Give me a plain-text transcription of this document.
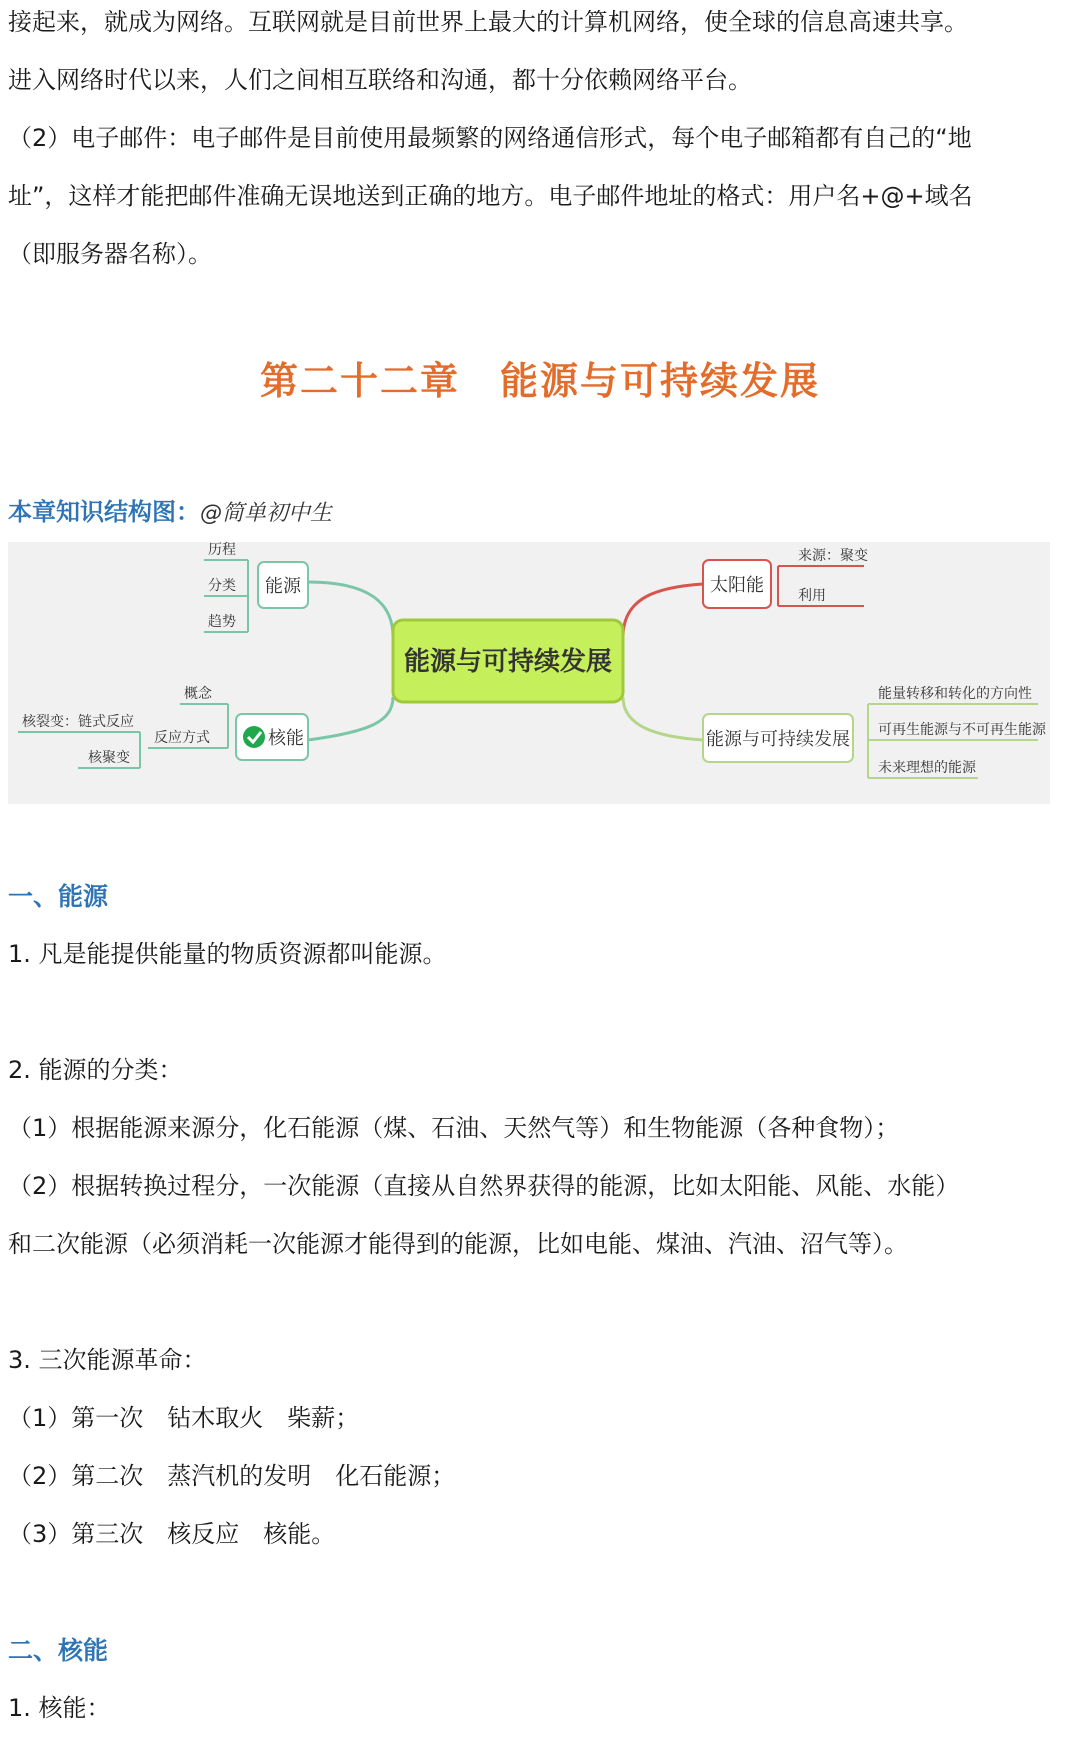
接起来，就成为网络。互联网就是目前世界上最大的计算机网络，使全球的信息高速共享。

进入网络时代以来，人们之间相互联络和沟通，都十分依赖网络平台。

（2）电子邮件：电子邮件是目前使用最频繁的网络通信形式，每个电子邮箱都有自己的“地

址”，这样才能把邮件准确无误地送到正确的地方。电子邮件地址的格式：用户名+@+域名

（即服务器名称）。

第二十二章　能源与可持续发展
本章知识结构图：@简单初中生
能源与可持续发展
能源
历程
分类
趋势
核能
概念
反应方式
核裂变：链式反应
核聚变
太阳能
来源：聚变
利用
能源与可持续发展
能量转移和转化的方向性
可再生能源与不可再生能源
未来理想的能源
一、能源

1. 凡是能提供能量的物质资源都叫能源。

2. 能源的分类：

（1）根据能源来源分，化石能源（煤、石油、天然气等）和生物能源（各种食物）；

（2）根据转换过程分，一次能源（直接从自然界获得的能源，比如太阳能、风能、水能）

和二次能源（必须消耗一次能源才能得到的能源，比如电能、煤油、汽油、沼气等）。

3. 三次能源革命：

（1）第一次　钻木取火　柴薪；

（2）第二次　蒸汽机的发明　化石能源；

（3）第三次　核反应　核能。

二、核能

1. 核能：
